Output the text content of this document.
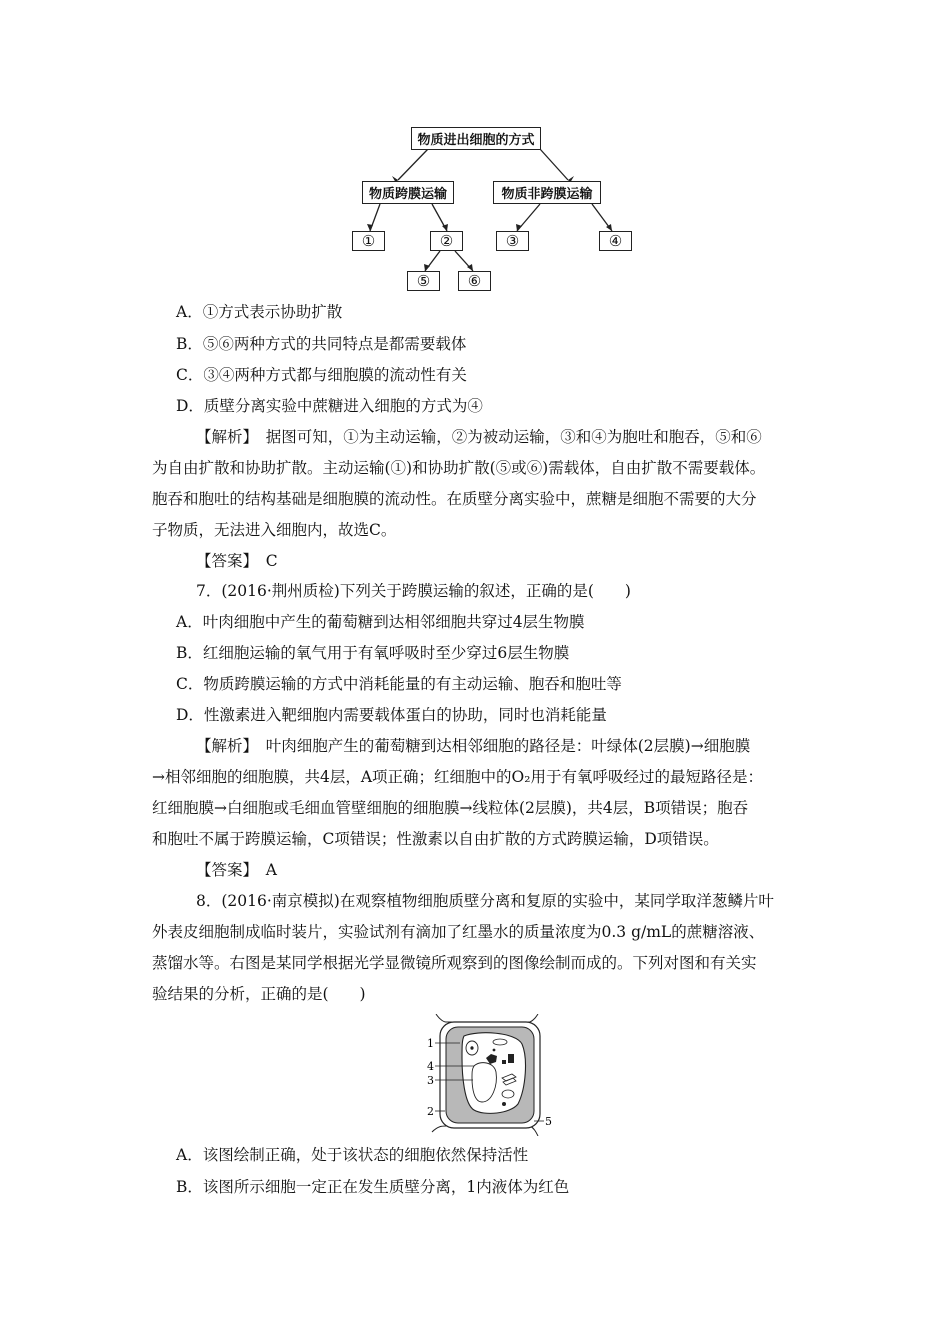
物质进出细胞的方式
物质跨膜运输	物质非跨膜运输
①	②	③	④
⑤	⑥
A．①方式表示协助扩散
B．⑤⑥两种方式的共同特点是都需要载体
C．③④两种方式都与细胞膜的流动性有关
D．质壁分离实验中蔗糖进入细胞的方式为④
【解析】　据图可知，①为主动运输，②为被动运输，③和④为胞吐和胞吞，⑤和⑥
为自由扩散和协助扩散。主动运输(①)和协助扩散(⑤或⑥)需载体，自由扩散不需要载体。
胞吞和胞吐的结构基础是细胞膜的流动性。在质壁分离实验中，蔗糖是细胞不需要的大分
子物质，无法进入细胞内，故选C。
【答案】　C
7．(2016·荆州质检)下列关于跨膜运输的叙述，正确的是(　　)
A．叶肉细胞中产生的葡萄糖到达相邻细胞共穿过4层生物膜
B．红细胞运输的氧气用于有氧呼吸时至少穿过6层生物膜
C．物质跨膜运输的方式中消耗能量的有主动运输、胞吞和胞吐等
D．性激素进入靶细胞内需要载体蛋白的协助，同时也消耗能量
【解析】　叶肉细胞产生的葡萄糖到达相邻细胞的路径是：叶绿体(2层膜)→细胞膜
→相邻细胞的细胞膜，共4层，A项正确；红细胞中的O₂用于有氧呼吸经过的最短路径是：
红细胞膜→白细胞或毛细血管壁细胞的细胞膜→线粒体(2层膜)，共4层，B项错误；胞吞
和胞吐不属于跨膜运输，C项错误；性激素以自由扩散的方式跨膜运输，D项错误。
【答案】　A
8．(2016·南京模拟)在观察植物细胞质壁分离和复原的实验中，某同学取洋葱鳞片叶
外表皮细胞制成临时装片，实验试剂有滴加了红墨水的质量浓度为0.3 g/mL的蔗糖溶液、
蒸馏水等。右图是某同学根据光学显微镜所观察到的图像绘制而成的。下列对图和有关实
验结果的分析，正确的是(　　)
1
4
3
2
5
A．该图绘制正确，处于该状态的细胞依然保持活性
B．该图所示细胞一定正在发生质壁分离，1内液体为红色
